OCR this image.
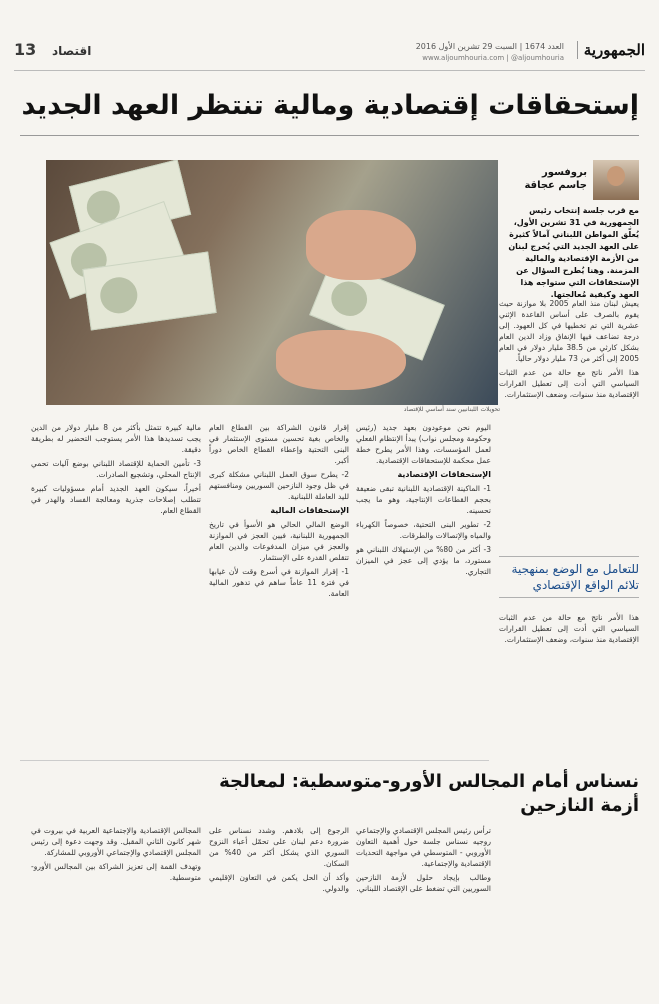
13 اقتصاد	الجمهورية
العدد 1674 | السبت 29 تشرين الأول 2016
www.aljoumhouria.com | @aljoumhouria
إستحقاقات إقتصادية ومالية تنتظر العهد الجديد
تحويلات اللبنانيين سند أساسي للإقتصاد
بروفسور
جاسم عجاقة
مع قرب جلسة إنتخاب رئيس الجمهورية في 31 تشرين الأول، يُعلّق المواطن اللبناني آمالاً كثيرة على العهد الجديد التي يُخرج لبنان من الأزمة الإقتصادية والمالية المزمنة. وهنا يُطرح السؤال عن الإستحقاقات التي ستواجه هذا العهد وكيفية مُعالجتها.

يعيش لبنان منذ العام 2005 بلا موازنة حيث يقوم بالصرف على أساس القاعدة الإثني عشرية التي تم تخطيها في كل العهود. إلى درجة تضاعف فيها الإنفاق وزاد الدين العام بشكل كارثي من 38.5 مليار دولار في العام 2005 إلى أكثر من 73 مليار دولار حالياً.

هذا الأمر ناتج مع حالة من عدم الثبات السياسي التي أدت إلى تعطيل القرارات الإقتصادية منذ سنوات، وضعف الإستثمارات.

للتعامل مع الوضع بمنهجية تلائم الواقع الإقتصادي

هذا الأمر ناتج مع حالة من عدم الثبات السياسي التي أدت إلى تعطيل القرارات الإقتصادية منذ سنوات، وضعف الإستثمارات.

اليوم نحن موعودون بعهد جديد (رئيس وحكومة ومجلس نواب) يبدأ الإنتظام الفعلي لعمل المؤسسات، وهذا الأمر يطرح خطة عمل محكمة للإستحقاقات الإقتصادية.

الإستحقاقات الإقتصادية

1- الماكينة الإقتصادية اللبنانية تبقى ضعيفة بحجم القطاعات الإنتاجية، وهو ما يجب تحسينه.

2- تطوير البنى التحتية، خصوصاً الكهرباء والمياه والإتصالات والطرقات.

3- أكثر من 80% من الإستهلاك اللبناني هو مستورد، ما يؤدي إلى عجز في الميزان التجاري.

إقرار قانون الشراكة بين القطاع العام والخاص بغية تحسين مستوى الإستثمار في البنى التحتية وإعطاء القطاع الخاص دوراً أكبر.

2- يطرح سوق العمل اللبناني مشكلة كبرى في ظل وجود النازحين السوريين ومنافستهم لليد العاملة اللبنانية.

الإستحقاقات المالية

الوضع المالي الحالي هو الأسوأ في تاريخ الجمهورية اللبنانية، فيين العجز في الموازنة والعجز في ميزان المدفوعات والدين العام تتقلص القدرة على الإستثمار.

1- إقرار الموازنة في أسرع وقت لأن غيابها في فترة 11 عاماً ساهم في تدهور المالية العامة.

مالية كبيرة تتمثل بأكثر من 8 مليار دولار من الدين يجب تسديدها هذا الأمر يستوجب التحضير له بطريقة دقيقة.

3- تأمين الحماية للإقتصاد اللبناني بوضع آليات تحمي الإنتاج المحلي، وتشجيع الصادرات.

أخيراً، سيكون العهد الجديد أمام مسؤوليات كبيرة تتطلب إصلاحات جذرية ومعالجة الفساد والهدر في القطاع العام.

نسناس أمام المجالس الأورو-متوسطية: لمعالجة أزمة النازحين

ترأس رئيس المجلس الإقتصادي والإجتماعي روجيه نسناس جلسة حول أهمية التعاون الأوروبي - المتوسطي في مواجهة التحديات الإقتصادية والإجتماعية.

وطالب بإيجاد حلول لأزمة النازحين السوريين التي تضغط على الإقتصاد اللبناني.

الرجوع إلى بلادهم. وشدد نسناس على ضرورة دعم لبنان على تحمّل أعباء النزوح السوري الذي يشكل أكثر من 40% من السكان.

وأكد أن الحل يكمن في التعاون الإقليمي والدولي.

المجالس الإقتصادية والإجتماعية العربية في بيروت في شهر كانون الثاني المقبل. وقد وجهت دعوة إلى رئيس المجلس الإقتصادي والإجتماعي الأوروبي للمشاركة.

وتهدف القمة إلى تعزيز الشراكة بين المجالس الأورو-متوسطية.
